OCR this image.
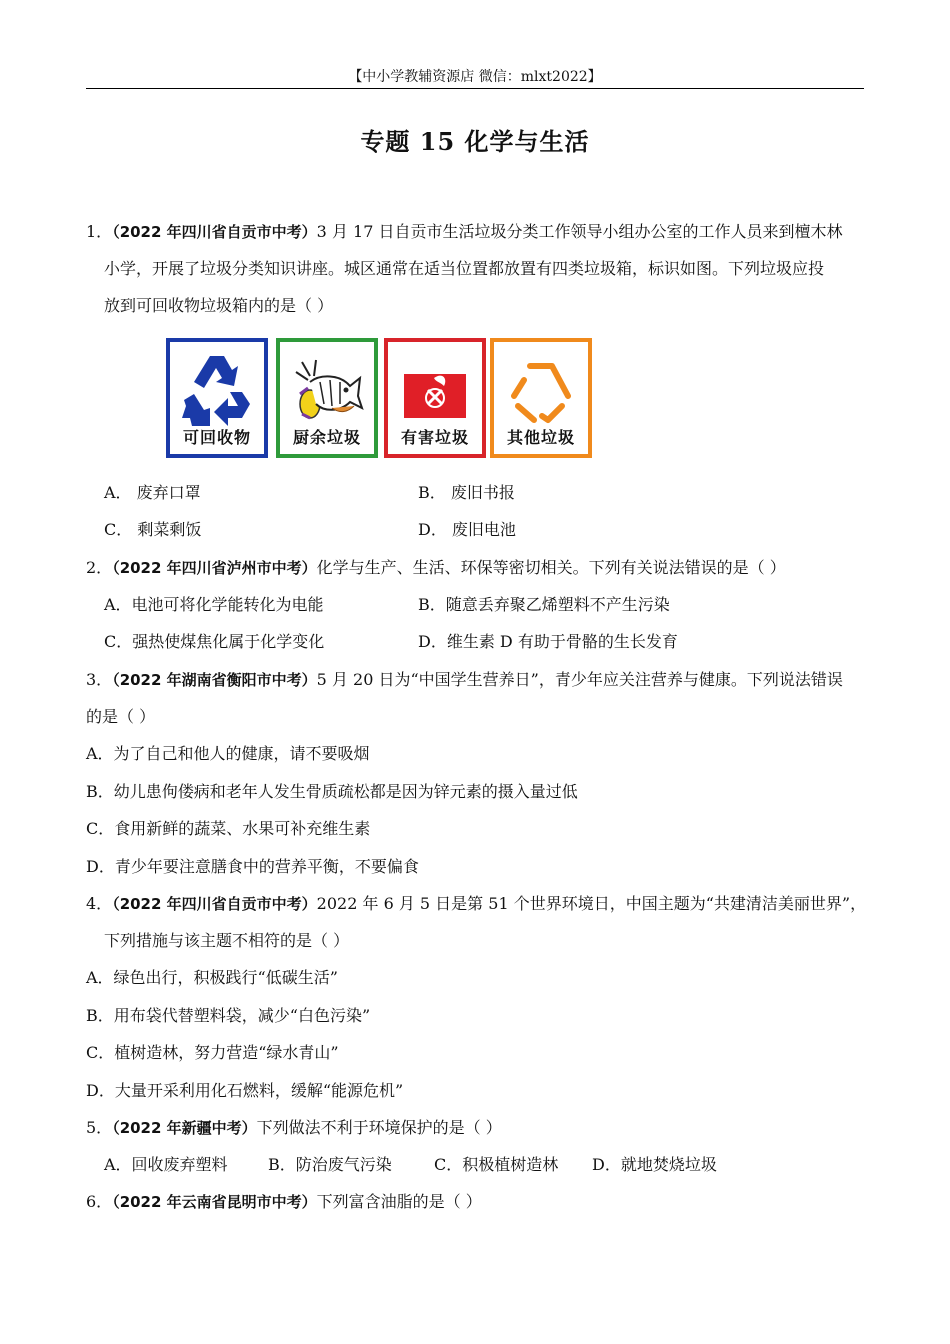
【中小学教辅资源店 微信：mlxt2022】
专题 15 化学与生活
1．（2022 年四川省自贡市中考）3 月 17 日自贡市生活垃圾分类工作领导小组办公室的工作人员来到檀木林
小学，开展了垃圾分类知识讲座。城区通常在适当位置都放置有四类垃圾箱，标识如图。下列垃圾应投
放到可回收物垃圾箱内的是（ ）
可回收物	厨余垃圾	有害垃圾	其他垃圾
A． 废弃口罩	B． 废旧书报
C． 剩菜剩饭	D． 废旧电池
2．（2022 年四川省泸州市中考）化学与生产、生活、环保等密切相关。下列有关说法错误的是（ ）
A．电池可将化学能转化为电能	B．随意丢弃聚乙烯塑料不产生污染
C．强热使煤焦化属于化学变化	D．维生素 D 有助于骨骼的生长发育
3．（2022 年湖南省衡阳市中考）5 月 20 日为“中国学生营养日”，青少年应关注营养与健康。下列说法错误
的是（ ）
A．为了自己和他人的健康，请不要吸烟
B．幼儿患佝偻病和老年人发生骨质疏松都是因为锌元素的摄入量过低
C．食用新鲜的蔬菜、水果可补充维生素
D．青少年要注意膳食中的营养平衡，不要偏食
4．（2022 年四川省自贡市中考）2022 年 6 月 5 日是第 51 个世界环境日，中国主题为“共建清洁美丽世界”，
下列措施与该主题不相符的是（ ）
A．绿色出行，积极践行“低碳生活”
B．用布袋代替塑料袋，减少“白色污染”
C．植树造林，努力营造“绿水青山”
D．大量开采利用化石燃料，缓解“能源危机”
5．（2022 年新疆中考）下列做法不利于环境保护的是（ ）
A．回收废弃塑料	B．防治废气污染	C．积极植树造林 D．就地焚烧垃圾
6．（2022 年云南省昆明市中考）下列富含油脂的是（ ）
